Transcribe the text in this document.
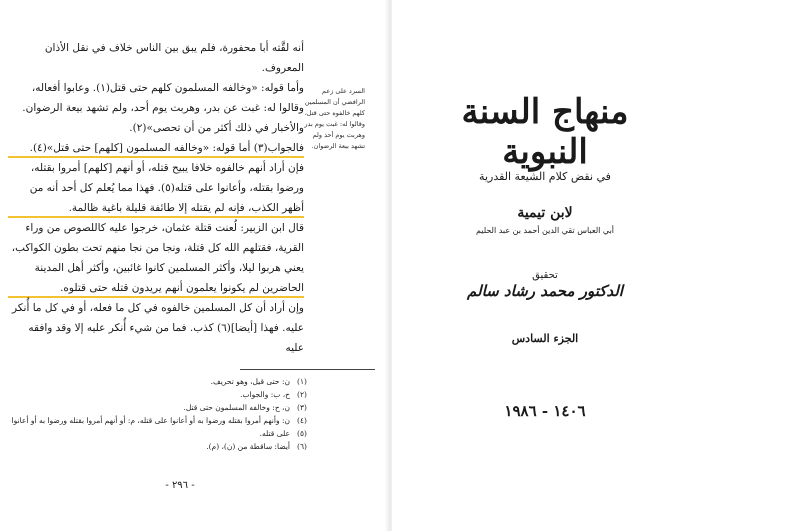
أنه لقَّته أبا محفورة، فلم يبق بين الناس خلاف في نقل الأذان المعروف.

وأما قوله: «وخالفه المسلمون كلهم حتى قتل(١). وعابوا أفعاله، وقالوا له: غبت عن بدر، وهربت يوم أحد، ولم تشهد بيعة الرضوان. والأخبار في ذلك أكثر من أن تحصى»(٢).

فالجواب(٣) أما قوله: «وخالفه المسلمون [كلهم] حتى قتل»(٤).

فإن أراد أنهم خالفوه خلافا يبيح قتله، أو أنهم [كلهم] أمروا بقتله، ورضوا بقتله، وأعانوا على قتله(٥). فهذا مما يُعلم كل أحد أنه من أظهر الكذب، فإنه لم يقتله إلا طائفة قليلة باغية ظالمة.

قال ابن الزبير: لُعنت قتلة عثمان، خرجوا عليه كاللصوص من وراء القرية، فقتلهم الله كل قتلة، ونجا من نجا منهم تحت بطون الكواكب، يعني هربوا ليلا، وأكثر المسلمين كانوا غائبين، وأكثر أهل المدينة الحاضرين لم يكونوا يعلمون أنهم يريدون قتله حتى قتلوه.

وإن أراد أن كل المسلمين خالفوه في كل ما فعله، أو في كل ما أُنكر عليه. فهذا [أيضا](٦) كذب. فما من شيء أُنكر عليه إلا وقد وافقه عليه

السرد على زعم الرافضي أن المسلمين كلهم خالفوه حتى قتل، وقالوا له: غبت يوم بدر وهربت يوم أحد ولم تشهد بيعة الرضوان.
(١)
(٢)
(٣)
(٤)
(٥)
(٦)
ن: حتى قيل، وهو تحريف.
ح، ب: والجواب.
ن، ح: وخالفه المسلمون حتى قتل.
ن: وأنهم أمروا بقتله ورضوا به أو أعانوا على قتله، م: أو أنهم أمروا بقتله ورضوا به أو أعانوا على قتله.
أيضا: ساقطة من (ن)، (م).
- ٢٩٦ -
منهاج السنة النبوية
في نقض كلام الشيعة القدرية
لابن تيمية
أبي العباس تقي الدين أحمد بن عبد الحليم
تحقيق
الدكتور محمد رشاد سالم
الجزء السادس
١٤٠٦ - ١٩٨٦
